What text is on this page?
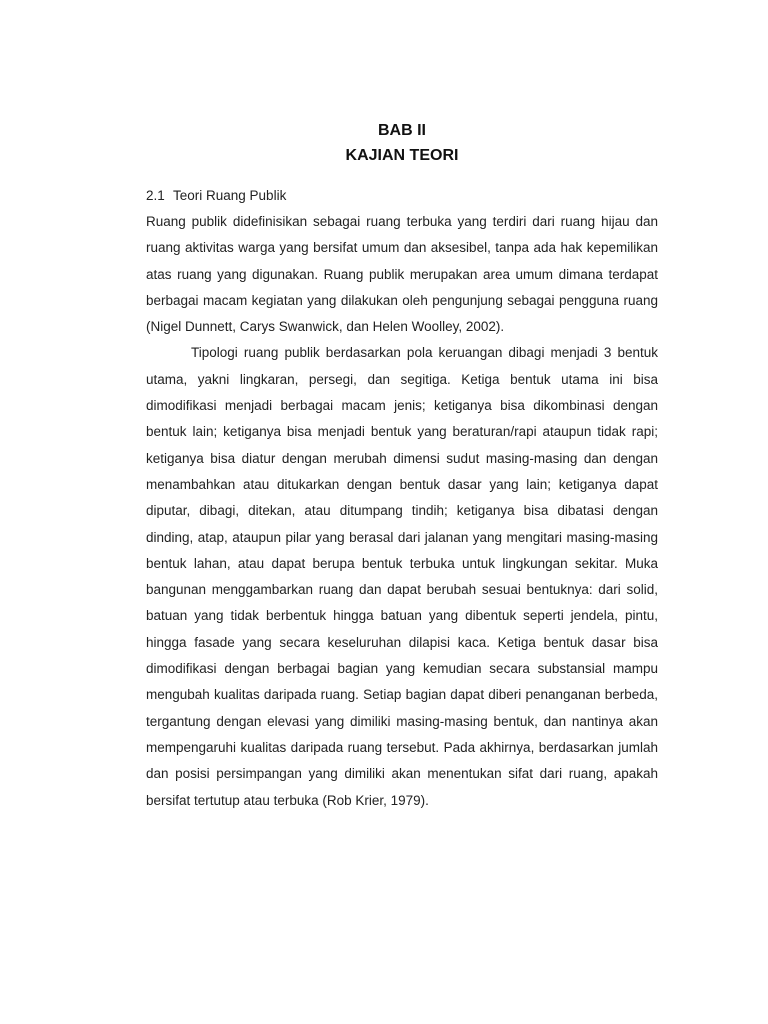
BAB II
KAJIAN TEORI
2.1 Teori Ruang Publik

Ruang publik didefinisikan sebagai ruang terbuka yang terdiri dari ruang hijau dan ruang aktivitas warga yang bersifat umum dan aksesibel, tanpa ada hak kepemilikan atas ruang yang digunakan. Ruang publik merupakan area umum dimana terdapat berbagai macam kegiatan yang dilakukan oleh pengunjung sebagai pengguna ruang (Nigel Dunnett, Carys Swanwick, dan Helen Woolley, 2002).

Tipologi ruang publik berdasarkan pola keruangan dibagi menjadi 3 bentuk utama, yakni lingkaran, persegi, dan segitiga. Ketiga bentuk utama ini bisa dimodifikasi menjadi berbagai macam jenis; ketiganya bisa dikombinasi dengan bentuk lain; ketiganya bisa menjadi bentuk yang beraturan/rapi ataupun tidak rapi; ketiganya bisa diatur dengan merubah dimensi sudut masing-masing dan dengan menambahkan atau ditukarkan dengan bentuk dasar yang lain; ketiganya dapat diputar, dibagi, ditekan, atau ditumpang tindih; ketiganya bisa dibatasi dengan dinding, atap, ataupun pilar yang berasal dari jalanan yang mengitari masing-masing bentuk lahan, atau dapat berupa bentuk terbuka untuk lingkungan sekitar. Muka bangunan menggambarkan ruang dan dapat berubah sesuai bentuknya: dari solid, batuan yang tidak berbentuk hingga batuan yang dibentuk seperti jendela, pintu, hingga fasade yang secara keseluruhan dilapisi kaca. Ketiga bentuk dasar bisa dimodifikasi dengan berbagai bagian yang kemudian secara substansial mampu mengubah kualitas daripada ruang. Setiap bagian dapat diberi penanganan berbeda, tergantung dengan elevasi yang dimiliki masing-masing bentuk, dan nantinya akan mempengaruhi kualitas daripada ruang tersebut. Pada akhirnya, berdasarkan jumlah dan posisi persimpangan yang dimiliki akan menentukan sifat dari ruang, apakah bersifat tertutup atau terbuka (Rob Krier, 1979).
